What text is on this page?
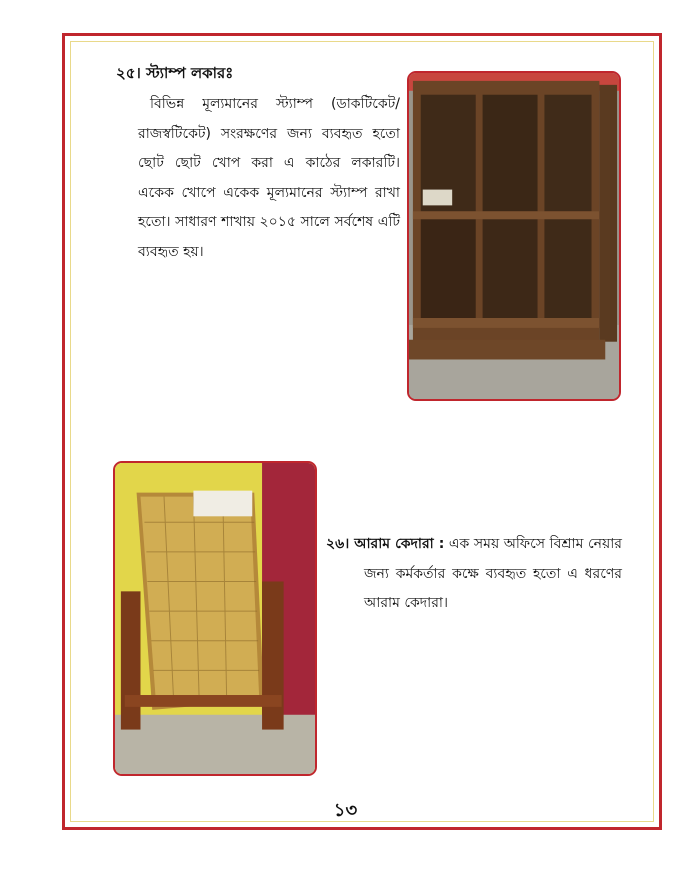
২৫। স্ট্যাম্প লকারঃ

বিভিন্ন মূল্যমানের স্ট্যাম্প (ডাকটিকেট/রাজস্বটিকেট) সংরক্ষণের জন্য ব্যবহৃত হতো ছোট ছোট খোপ করা এ কাঠের লকারটি। একেক খোপে একেক মূল্যমানের স্ট্যাম্প রাখা হতো। সাধারণ শাখায় ২০১৫ সালে সর্বশেষ এটি ব্যবহৃত হয়।

২৬। আরাম কেদারা : এক সময় অফিসে বিশ্রাম নেয়ার জন্য কর্মকর্তার কক্ষে ব্যবহৃত হতো এ ধরণের আরাম কেদারা।

১৩
